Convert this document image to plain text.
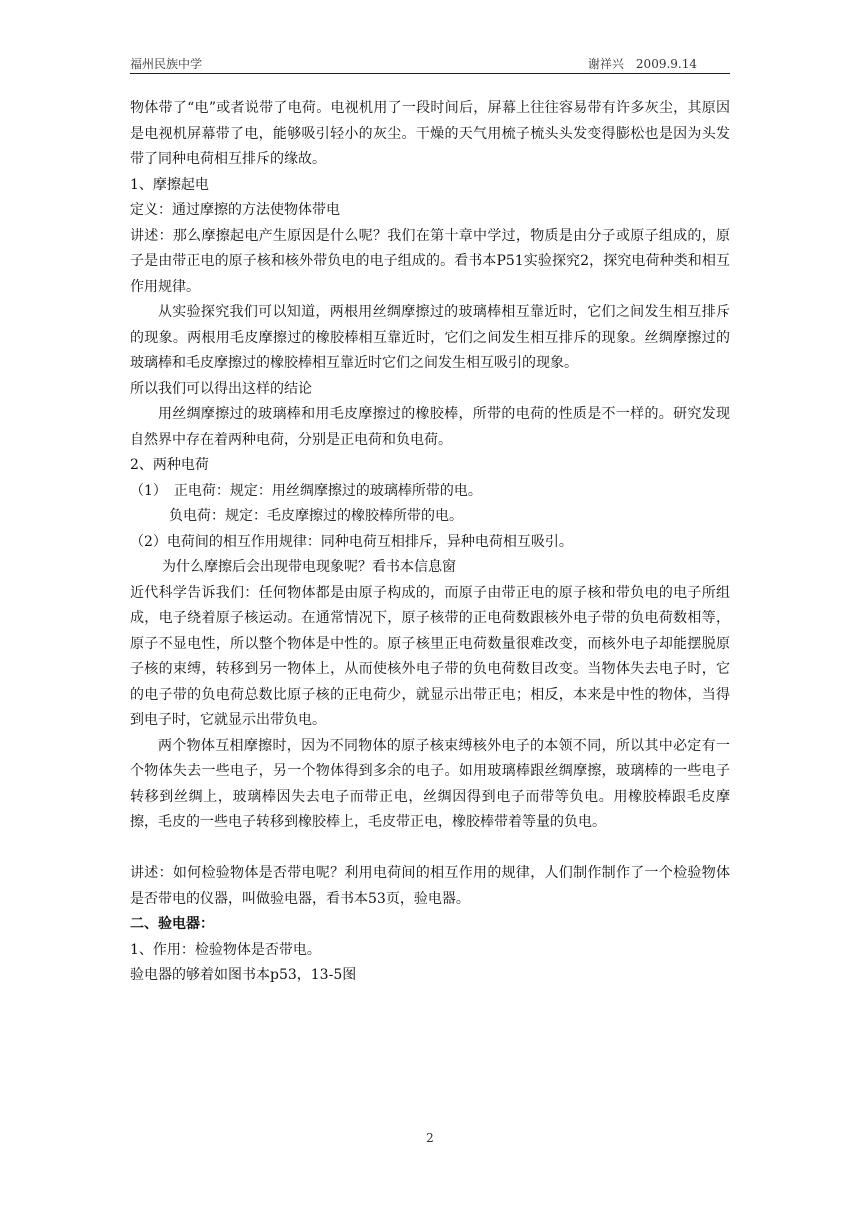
福州民族中学	谢祥兴　2009.9.14

物体带了“电”或者说带了电荷。电视机用了一段时间后，屏幕上往往容易带有许多灰尘，其原因是电视机屏幕带了电，能够吸引轻小的灰尘。干燥的天气用梳子梳头头发变得膨松也是因为头发带了同种电荷相互排斥的缘故。

1、摩擦起电

定义：通过摩擦的方法使物体带电

讲述：那么摩擦起电产生原因是什么呢？我们在第十章中学过，物质是由分子或原子组成的，原子是由带正电的原子核和核外带负电的电子组成的。看书本P51实验探究2，探究电荷种类和相互作用规律。

从实验探究我们可以知道，两根用丝绸摩擦过的玻璃棒相互靠近时，它们之间发生相互排斥的现象。两根用毛皮摩擦过的橡胶棒相互靠近时，它们之间发生相互排斥的现象。丝绸摩擦过的玻璃棒和毛皮摩擦过的橡胶棒相互靠近时它们之间发生相互吸引的现象。

所以我们可以得出这样的结论

用丝绸摩擦过的玻璃棒和用毛皮摩擦过的橡胶棒，所带的电荷的性质是不一样的。研究发现自然界中存在着两种电荷，分别是正电荷和负电荷。

2、两种电荷

（1）　正电荷：规定：用丝绸摩擦过的玻璃棒所带的电。

负电荷：规定：毛皮摩擦过的橡胶棒所带的电。

（2）电荷间的相互作用规律：同种电荷互相排斥，异种电荷相互吸引。

为什么摩擦后会出现带电现象呢？看书本信息窗

近代科学告诉我们：任何物体都是由原子构成的，而原子由带正电的原子核和带负电的电子所组成，电子绕着原子核运动。在通常情况下，原子核带的正电荷数跟核外电子带的负电荷数相等，原子不显电性，所以整个物体是中性的。原子核里正电荷数量很难改变，而核外电子却能摆脱原子核的束缚，转移到另一物体上，从而使核外电子带的负电荷数目改变。当物体失去电子时，它的电子带的负电荷总数比原子核的正电荷少，就显示出带正电；相反，本来是中性的物体，当得到电子时，它就显示出带负电。

两个物体互相摩擦时，因为不同物体的原子核束缚核外电子的本领不同，所以其中必定有一个物体失去一些电子，另一个物体得到多余的电子。如用玻璃棒跟丝绸摩擦，玻璃棒的一些电子转移到丝绸上，玻璃棒因失去电子而带正电，丝绸因得到电子而带等负电。用橡胶棒跟毛皮摩擦，毛皮的一些电子转移到橡胶棒上，毛皮带正电，橡胶棒带着等量的负电。

讲述：如何检验物体是否带电呢？利用电荷间的相互作用的规律，人们制作制作了一个检验物体是否带电的仪器，叫做验电器，看书本53页，验电器。

二、验电器：

1、作用：检验物体是否带电。

验电器的够着如图书本p53，13-5图

2
